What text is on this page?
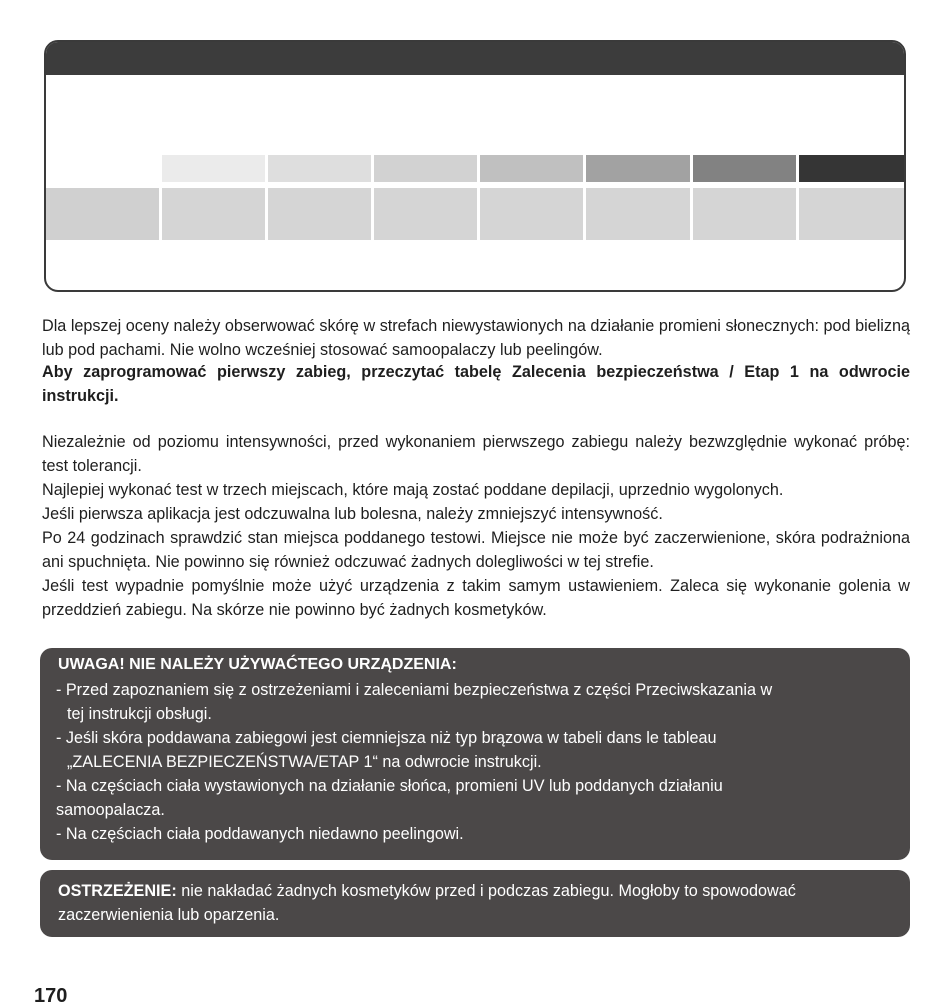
Dla lepszej oceny należy obserwować skórę w strefach niewystawionych na działanie promieni słonecznych: pod bielizną lub pod pachami. Nie wolno wcześniej stosować samoopalaczy lub peelingów.

Aby zaprogramować pierwszy zabieg, przeczytać tabelę Zalecenia bezpieczeństwa / Etap 1 na odwrocie instrukcji.

Niezależnie od poziomu intensywności, przed wykonaniem pierwszego zabiegu należy bezwzględnie wykonać próbę: test tolerancji.
Najlepiej wykonać test w trzech miejscach, które mają zostać poddane depilacji, uprzednio wygolonych.
Jeśli pierwsza aplikacja jest odczuwalna lub bolesna, należy zmniejszyć intensywność.
Po 24 godzinach sprawdzić stan miejsca poddanego testowi. Miejsce nie może być zaczerwienione, skóra podrażniona ani spuchnięta. Nie powinno się również odczuwać żadnych dolegliwości w tej strefie.
Jeśli test wypadnie pomyślnie może użyć urządzenia z takim samym ustawieniem. Zaleca się wykonanie golenia w przeddzień zabiegu. Na skórze nie powinno być żadnych kosmetyków.
UWAGA! NIE NALEŻY UŻYWAĆTEGO URZĄDZENIA:

- Przed zapoznaniem się z ostrzeżeniami i zaleceniami bezpieczeństwa z części Przeciwskazania w
tej instrukcji obsługi.

- Jeśli skóra poddawana zabiegowi jest ciemniejsza niż typ brązowa w tabeli dans le tableau
„ZALECENIA BEZPIECZEŃSTWA/ETAP 1“ na odwrocie instrukcji.

- Na częściach ciała wystawionych na działanie słońca, promieni UV lub poddanych działaniu
samoopalacza.

- Na częściach ciała poddawanych niedawno peelingowi.

OSTRZEŻENIE: nie nakładać żadnych kosmetyków przed i podczas zabiegu. Mogłoby to spowodować zaczerwienienia lub oparzenia.
170
